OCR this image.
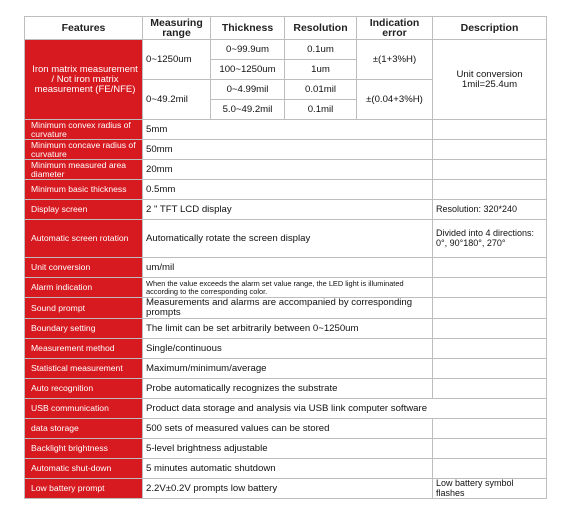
Features	Measuring range	Thickness	Resolution	Indication error	Description
Iron matrix measurement / Not iron matrix measurement (FE/NFE)	0~1250um	0~99.9um	0.1um	±(1+3%H)	Unit conversion 1mil=25.4um
		100~1250um	1um		
	0~49.2mil	0~4.99mil	0.01mil	±(0.04+3%H)	
		5.0~49.2mil	0.1mil		
Minimum convex radius of curvature	5mm				
Minimum concave radius of curvature	50mm				
Minimum measured area diameter	20mm				
Minimum basic thickness	0.5mm				
Display screen	2 " TFT LCD display				Resolution: 320*240
Automatic screen rotation	Automatically rotate the screen display				Divided into 4 directions: 0°, 90°180°, 270°
Unit conversion	um/mil				
Alarm indication	When the value exceeds the alarm set value range, the LED light is illuminated according to the corresponding color.				
Sound prompt	Measurements and alarms are accompanied by corresponding prompts				
Boundary setting	The limit can be set arbitrarily between 0~1250um				
Measurement method	Single/continuous				
Statistical measurement	Maximum/minimum/average				
Auto recognition	Probe automatically recognizes the substrate				
USB communication	Product data storage and analysis via USB link computer software				
data storage	500 sets of measured values can be stored				
Backlight brightness	5-level brightness adjustable				
Automatic shut-down	5 minutes automatic shutdown				
Low battery prompt	2.2V±0.2V prompts low battery				Low battery symbol flashes
